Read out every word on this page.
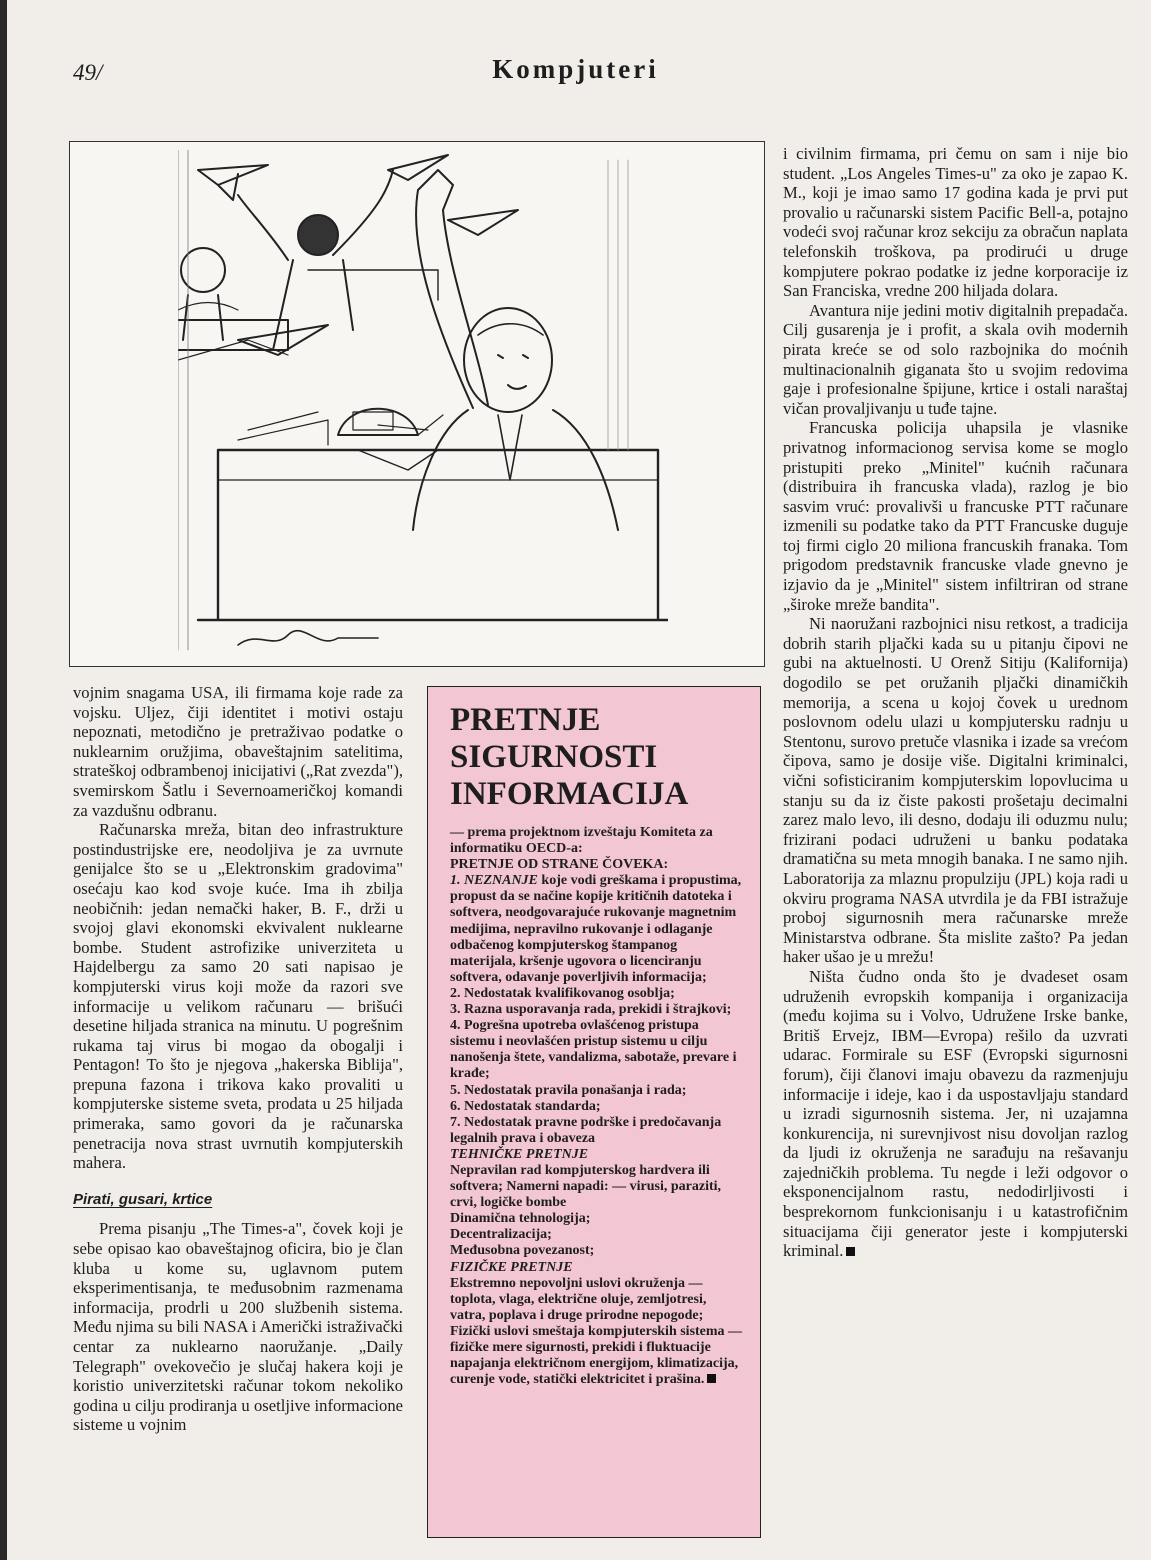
49/	Kompjuteri

vojnim snagama USA, ili firmama koje rade za vojsku. Uljez, čiji identitet i motivi ostaju nepoznati, metodično je pretraživao podatke o nuklearnim oružjima, obaveštajnim satelitima, strateškoj odbrambenoj inicijativi („Rat zvezda"), svemirskom Šatlu i Severnoameričkoj komandi za vazdušnu odbranu.

Računarska mreža, bitan deo infrastrukture postindustrijske ere, neodoljiva je za uvrnute genijalce što se u „Elektronskim gradovima" osećaju kao kod svoje kuće. Ima ih zbilja neobičnih: jedan nemački haker, B. F., drži u svojoj glavi ekonomski ekvivalent nuklearne bombe. Student astrofizike univerziteta u Hajdelbergu za samo 20 sati napisao je kompjuterski virus koji može da razori sve informacije u velikom računaru — brišući desetine hiljada stranica na minutu. U pogrešnim rukama taj virus bi mogao da obogalji i Pentagon! To što je njegova „hakerska Biblija", prepuna fazona i trikova kako provaliti u kompjuterske sisteme sveta, prodata u 25 hiljada primeraka, samo govori da je računarska penetracija nova strast uvrnutih kompjuterskih mahera.

Pirati, gusari, krtice

Prema pisanju „The Times-a", čovek koji je sebe opisao kao obaveštajnog oficira, bio je član kluba u kome su, uglavnom putem eksperimentisanja, te međusobnim razmenama informacija, prodrli u 200 službenih sistema. Među njima su bili NASA i Američki istraživački centar za nuklearno naoružanje. „Daily Telegraph" ovekovečio je slučaj hakera koji je koristio univerzitetski računar tokom nekoliko godina u cilju prodiranja u osetljive informacione sisteme u vojnim

PRETNJE SIGURNOSTI INFORMACIJA
— prema projektnom izveštaju Komiteta za informatiku OECD-a:
PRETNJE OD STRANE ČOVEKA:
1. NEZNANJE koje vodi greškama i propustima, propust da se načine kopije kritičnih datoteka i softvera, neodgovarajuće rukovanje magnetnim medijima, nepravilno rukovanje i odlaganje odbačenog kompjuterskog štampanog materijala, kršenje ugovora o licenciranju softvera, odavanje poverljivih informacija;
2. Nedostatak kvalifikovanog osoblja;
3. Razna usporavanja rada, prekidi i štrajkovi;
4. Pogrešna upotreba ovlašćenog pristupa sistemu i neovlašćen pristup sistemu u cilju nanošenja štete, vandalizma, sabotaže, prevare i krađe;
5. Nedostatak pravila ponašanja i rada;
6. Nedostatak standarda;
7. Nedostatak pravne podrške i predočavanja legalnih prava i obaveza
TEHNIČKE PRETNJE
Nepravilan rad kompjuterskog hardvera ili softvera; Namerni napadi: — virusi, paraziti, crvi, logičke bombe
Dinamična tehnologija;
Decentralizacija;
Međusobna povezanost;
FIZIČKE PRETNJE
Ekstremno nepovoljni uslovi okruženja — toplota, vlaga, električne oluje, zemljotresi, vatra, poplava i druge prirodne nepogode;
Fizički uslovi smeštaja kompjuterskih sistema — fizičke mere sigurnosti, prekidi i fluktuacije napajanja električnom energijom, klimatizacija, curenje vode, statički elektricitet i prašina.

i civilnim firmama, pri čemu on sam i nije bio student. „Los Angeles Times-u" za oko je zapao K. M., koji je imao samo 17 godina kada je prvi put provalio u računarski sistem Pacific Bell-a, potajno vodeći svoj računar kroz sekciju za obračun naplata telefonskih troškova, pa prodirući u druge kompjutere pokrao podatke iz jedne korporacije iz San Franciska, vredne 200 hiljada dolara.

Avantura nije jedini motiv digitalnih prepadača. Cilj gusarenja je i profit, a skala ovih modernih pirata kreće se od solo razbojnika do moćnih multinacionalnih giganata što u svojim redovima gaje i profesionalne špijune, krtice i ostali naraštaj vičan provaljivanju u tuđe tajne.

Francuska policija uhapsila je vlasnike privatnog informacionog servisa kome se moglo pristupiti preko „Minitel" kućnih računara (distribuira ih francuska vlada), razlog je bio sasvim vruć: provalivši u francuske PTT računare izmenili su podatke tako da PTT Francuske duguje toj firmi ciglo 20 miliona francuskih franaka. Tom prigodom predstavnik francuske vlade gnevno je izjavio da je „Minitel" sistem infiltriran od strane „široke mreže bandita".

Ni naoružani razbojnici nisu retkost, a tradicija dobrih starih pljački kada su u pitanju čipovi ne gubi na aktuelnosti. U Orenž Sitiju (Kalifornija) dogodilo se pet oružanih pljački dinamičkih memorija, a scena u kojoj čovek u urednom poslovnom odelu ulazi u kompjutersku radnju u Stentonu, surovo pretuče vlasnika i izade sa vrećom čipova, samo je dosije više. Digitalni kriminalci, vični sofisticiranim kompjuterskim lopovlucima u stanju su da iz čiste pakosti prošetaju decimalni zarez malo levo, ili desno, dodaju ili oduzmu nulu; frizirani podaci udruženi u banku podataka dramatična su meta mnogih banaka. I ne samo njih. Laboratorija za mlaznu propulziju (JPL) koja radi u okviru programa NASA utvrdila je da FBI istražuje proboj sigurnosnih mera računarske mreže Ministarstva odbrane. Šta mislite zašto? Pa jedan haker ušao je u mrežu!

Ništa čudno onda što je dvadeset osam udruženih evropskih kompanija i organizacija (među kojima su i Volvo, Udružene Irske banke, Britiš Ervejz, IBM—Evropa) rešilo da uzvrati udarac. Formirale su ESF (Evropski sigurnosni forum), čiji članovi imaju obavezu da razmenjuju informacije i ideje, kao i da uspostavljaju standard u izradi sigurnosnih sistema. Jer, ni uzajamna konkurencija, ni surevnjivost nisu dovoljan razlog da ljudi iz okruženja ne sarađuju na rešavanju zajedničkih problema. Tu negde i leži odgovor o eksponencijalnom rastu, nedodirljivosti i besprekornom funkcionisanju i u katastrofičnim situacijama čiji generator jeste i kompjuterski kriminal.
